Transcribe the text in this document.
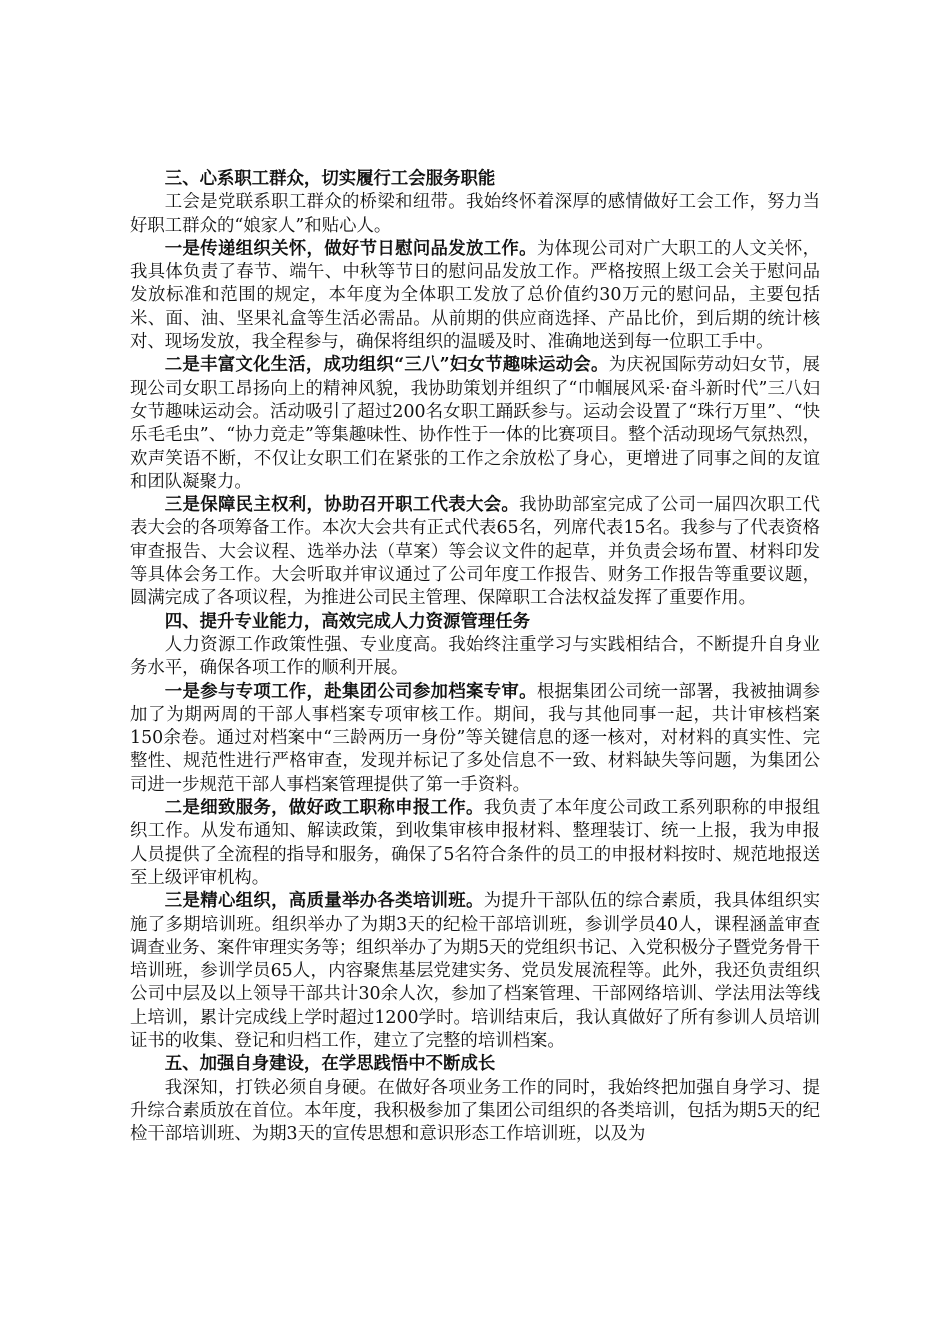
三、心系职工群众，切实履行工会服务职能

工会是党联系职工群众的桥梁和纽带。我始终怀着深厚的感情做好工会工作，努力当好职工群众的“娘家人”和贴心人。

一是传递组织关怀，做好节日慰问品发放工作。为体现公司对广大职工的人文关怀，我具体负责了春节、端午、中秋等节日的慰问品发放工作。严格按照上级工会关于慰问品发放标准和范围的规定，本年度为全体职工发放了总价值约30万元的慰问品，主要包括米、面、油、坚果礼盒等生活必需品。从前期的供应商选择、产品比价，到后期的统计核对、现场发放，我全程参与，确保将组织的温暖及时、准确地送到每一位职工手中。

二是丰富文化生活，成功组织“三八”妇女节趣味运动会。为庆祝国际劳动妇女节，展现公司女职工昂扬向上的精神风貌，我协助策划并组织了“巾帼展风采·奋斗新时代”三八妇女节趣味运动会。活动吸引了超过200名女职工踊跃参与。运动会设置了“珠行万里”、“快乐毛毛虫”、“协力竞走”等集趣味性、协作性于一体的比赛项目。整个活动现场气氛热烈，欢声笑语不断，不仅让女职工们在紧张的工作之余放松了身心，更增进了同事之间的友谊和团队凝聚力。

三是保障民主权利，协助召开职工代表大会。我协助部室完成了公司一届四次职工代表大会的各项筹备工作。本次大会共有正式代表65名，列席代表15名。我参与了代表资格审查报告、大会议程、选举办法（草案）等会议文件的起草，并负责会场布置、材料印发等具体会务工作。大会听取并审议通过了公司年度工作报告、财务工作报告等重要议题，圆满完成了各项议程，为推进公司民主管理、保障职工合法权益发挥了重要作用。

四、提升专业能力，高效完成人力资源管理任务

人力资源工作政策性强、专业度高。我始终注重学习与实践相结合，不断提升自身业务水平，确保各项工作的顺利开展。

一是参与专项工作，赴集团公司参加档案专审。根据集团公司统一部署，我被抽调参加了为期两周的干部人事档案专项审核工作。期间，我与其他同事一起，共计审核档案150余卷。通过对档案中“三龄两历一身份”等关键信息的逐一核对，对材料的真实性、完整性、规范性进行严格审查，发现并标记了多处信息不一致、材料缺失等问题，为集团公司进一步规范干部人事档案管理提供了第一手资料。

二是细致服务，做好政工职称申报工作。我负责了本年度公司政工系列职称的申报组织工作。从发布通知、解读政策，到收集审核申报材料、整理装订、统一上报，我为申报人员提供了全流程的指导和服务，确保了5名符合条件的员工的申报材料按时、规范地报送至上级评审机构。

三是精心组织，高质量举办各类培训班。为提升干部队伍的综合素质，我具体组织实施了多期培训班。组织举办了为期3天的纪检干部培训班，参训学员40人，课程涵盖审查调查业务、案件审理实务等；组织举办了为期5天的党组织书记、入党积极分子暨党务骨干培训班，参训学员65人，内容聚焦基层党建实务、党员发展流程等。此外，我还负责组织公司中层及以上领导干部共计30余人次，参加了档案管理、干部网络培训、学法用法等线上培训，累计完成线上学时超过1200学时。培训结束后，我认真做好了所有参训人员培训证书的收集、登记和归档工作，建立了完整的培训档案。

五、加强自身建设，在学思践悟中不断成长

我深知，打铁必须自身硬。在做好各项业务工作的同时，我始终把加强自身学习、提升综合素质放在首位。本年度，我积极参加了集团公司组织的各类培训，包括为期5天的纪检干部培训班、为期3天的宣传思想和意识形态工作培训班，以及为
